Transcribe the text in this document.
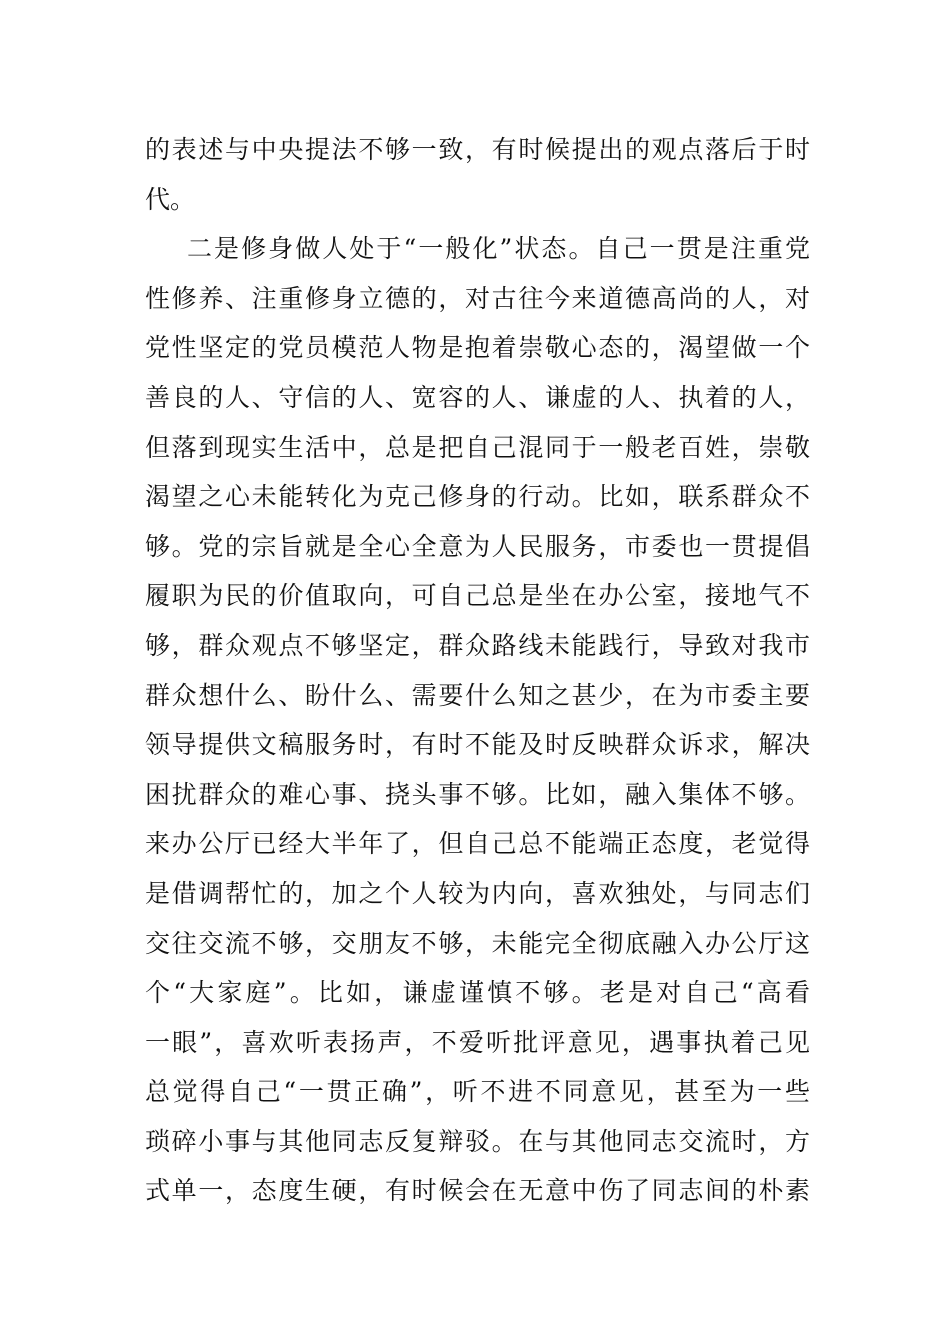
的表述与中央提法不够一致，有时候提出的观点落后于时
代。
二是修身做人处于“一般化”状态。自己一贯是注重党
性修养、注重修身立德的，对古往今来道德高尚的人，对
党性坚定的党员模范人物是抱着崇敬心态的，渴望做一个
善良的人、守信的人、宽容的人、谦虚的人、执着的人，
但落到现实生活中，总是把自己混同于一般老百姓，崇敬
渴望之心未能转化为克己修身的行动。比如，联系群众不
够。党的宗旨就是全心全意为人民服务，市委也一贯提倡
履职为民的价值取向，可自己总是坐在办公室，接地气不
够，群众观点不够坚定，群众路线未能践行，导致对我市
群众想什么、盼什么、需要什么知之甚少，在为市委主要
领导提供文稿服务时，有时不能及时反映群众诉求，解决
困扰群众的难心事、挠头事不够。比如，融入集体不够。
来办公厅已经大半年了，但自己总不能端正态度，老觉得
是借调帮忙的，加之个人较为内向，喜欢独处，与同志们
交往交流不够，交朋友不够，未能完全彻底融入办公厅这
个“大家庭”。比如，谦虚谨慎不够。老是对自己“高看
一眼”，喜欢听表扬声，不爱听批评意见，遇事执着己见
总觉得自己“一贯正确”，听不进不同意见，甚至为一些
琐碎小事与其他同志反复辩驳。在与其他同志交流时，方
式单一，态度生硬，有时候会在无意中伤了同志间的朴素
